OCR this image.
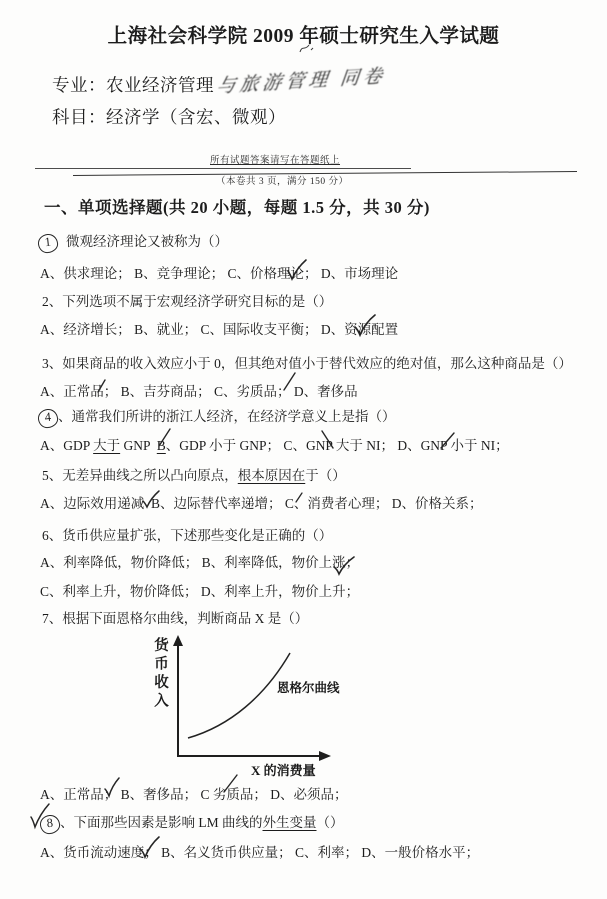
上海社会科学院 2009 年硕士研究生入学试题
专业：农业经济管理与旅游管理 同卷
科目：经济学（含宏、微观）
所有试题答案请写在答题纸上
（本卷共 3 页，满分 150 分）
一、单项选择题(共 20 小题，每题 1.5 分，共 30 分)
1 微观经济理论又被称为（）
A、供求理论； B、竞争理论； C、价格理论； D、市场理论
2、下列选项不属于宏观经济学研究目标的是（）
A、经济增长； B、就业； C、国际收支平衡； D、资源配置
3、如果商品的收入效应小于 0，但其绝对值小于替代效应的绝对值，那么这种商品是（）
A、正常品； B、吉芬商品； C、劣质品； D、奢侈品
4 、通常我们所讲的浙江人经济，在经济学意义上是指（）
A、GDP 大于 GNP  B、GDP 小于 GNP； C、GNP 大于 NI； D、GNP 小于 NI；
5、无差异曲线之所以凸向原点，根本原因在于（）
A、边际效用递减  B、边际替代率递增； C、消费者心理； D、价格关系；
6、货币供应量扩张，下述那些变化是正确的（）
A、利率降低，物价降低； B、利率降低，物价上涨；
C、利率上升，物价降低； D、利率上升，物价上升；
7、根据下面恩格尔曲线，判断商品 X 是（）
货币收入	恩格尔曲线
X 的消费量
A、正常品； B、奢侈品； C 劣质品； D、必须品；
8 、下面那些因素是影响 LM 曲线的外生变量（）
A、货币流动速度； B、名义货币供应量； C、利率； D、一般价格水平；
